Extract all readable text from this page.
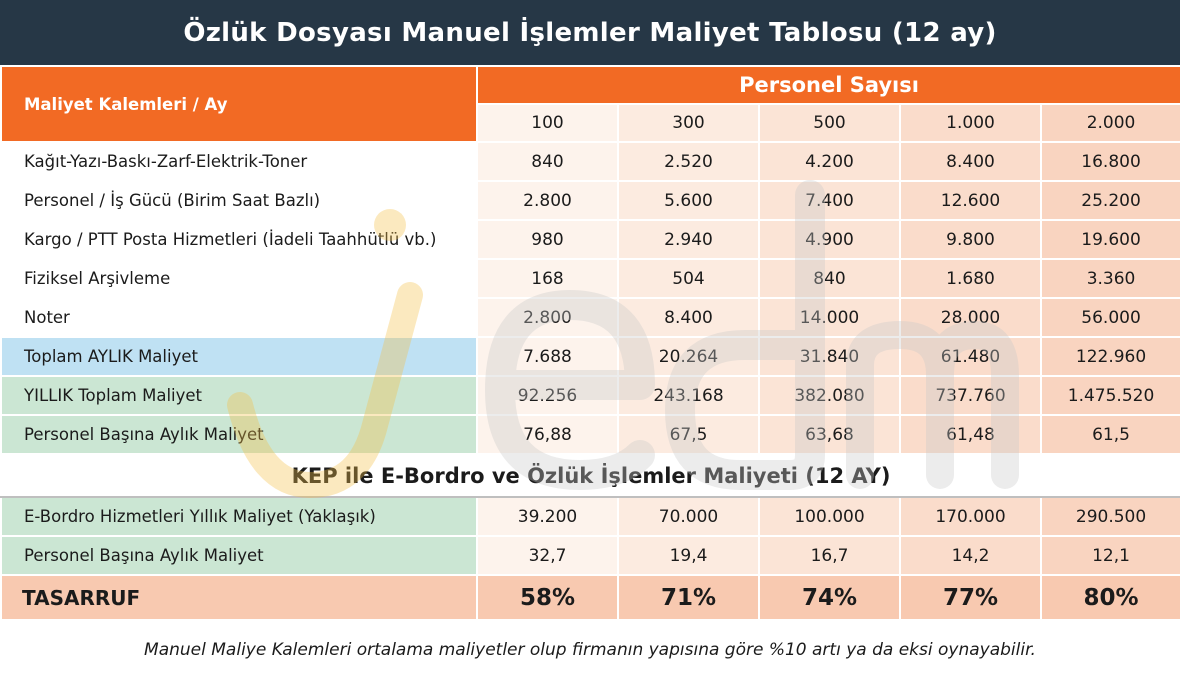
Özlük Dosyası Manuel İşlemler Maliyet Tablosu (12 ay)
Maliyet Kalemleri / Ay	Personel Sayısı				
	100	300	500	1.000	2.000
Kağıt-Yazı-Baskı-Zarf-Elektrik-Toner	840	2.520	4.200	8.400	16.800
Personel / İş Gücü (Birim Saat Bazlı)	2.800	5.600	7.400	12.600	25.200
Kargo / PTT Posta Hizmetleri (İadeli Taahhütlü vb.)	980	2.940	4.900	9.800	19.600
Fiziksel Arşivleme	168	504	840	1.680	3.360
Noter	2.800	8.400	14.000	28.000	56.000
Toplam AYLIK Maliyet	7.688	20.264	31.840	61.480	122.960
YILLIK Toplam Maliyet	92.256	243.168	382.080	737.760	1.475.520
Personel Başına Aylık Maliyet	76,88	67,5	63,68	61,48	61,5
KEP ile E-Bordro ve Özlük İşlemler Maliyeti (12 AY)					
E-Bordro Hizmetleri Yıllık Maliyet (Yaklaşık)	39.200	70.000	100.000	170.000	290.500
Personel Başına Aylık Maliyet	32,7	19,4	16,7	14,2	12,1
TASARRUF	58%	71%	74%	77%	80%
Manuel Maliye Kalemleri ortalama maliyetler olup firmanın yapısına göre %10 artı ya da eksi oynayabilir.
